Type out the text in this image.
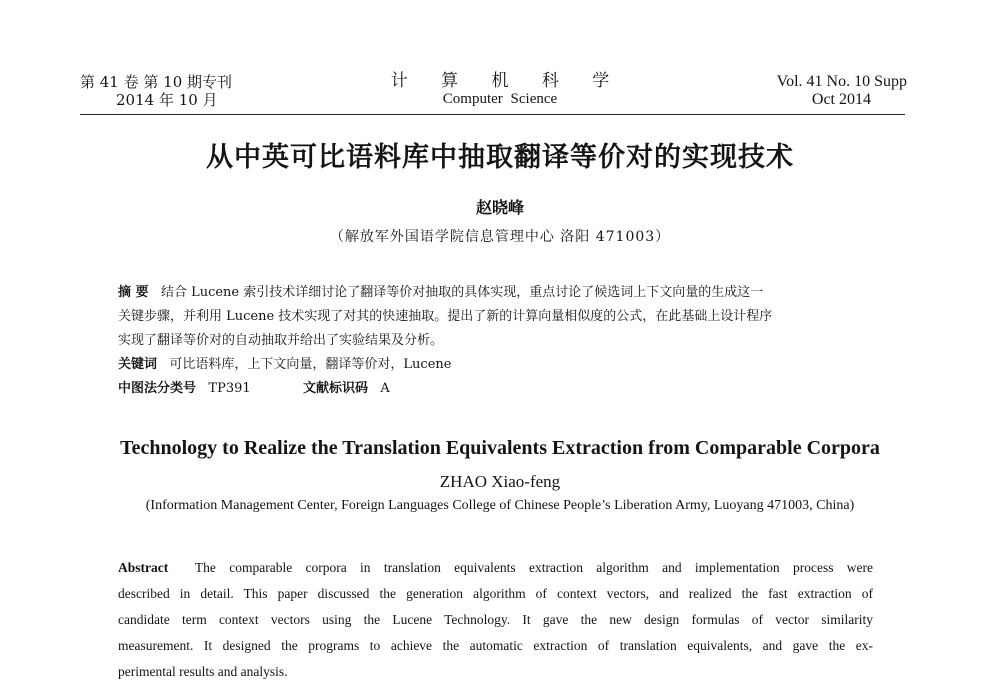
第 41 卷 第 10 期专刊
2014 年 10 月
计 算 机 科 学
Computer Science
Vol. 41 No. 10 Supp
Oct 2014
从中英可比语料库中抽取翻译等价对的实现技术
赵晓峰
（解放军外国语学院信息管理中心 洛阳 471003）

摘 要 结合 Lucene 索引技术详细讨论了翻译等价对抽取的具体实现，重点讨论了候选词上下文向量的生成这一

关键步骤，并利用 Lucene 技术实现了对其的快速抽取。提出了新的计算向量相似度的公式，在此基础上设计程序

实现了翻译等价对的自动抽取并给出了实验结果及分析。

关键词 可比语料库，上下文向量，翻译等价对，Lucene

中图法分类号 TP391	文献标识码 A

Technology to Realize the Translation Equivalents Extraction from Comparable Corpora
ZHAO Xiao-feng
(Information Management Center, Foreign Languages College of Chinese People’s Liberation Army, Luoyang 471003, China)

Abstract The comparable corpora in translation equivalents extraction algorithm and implementation process were

described in detail. This paper discussed the generation algorithm of context vectors, and realized the fast extraction of

candidate term context vectors using the Lucene Technology. It gave the new design formulas of vector similarity

measurement. It designed the programs to achieve the automatic extraction of translation equivalents, and gave the ex-

perimental results and analysis.
